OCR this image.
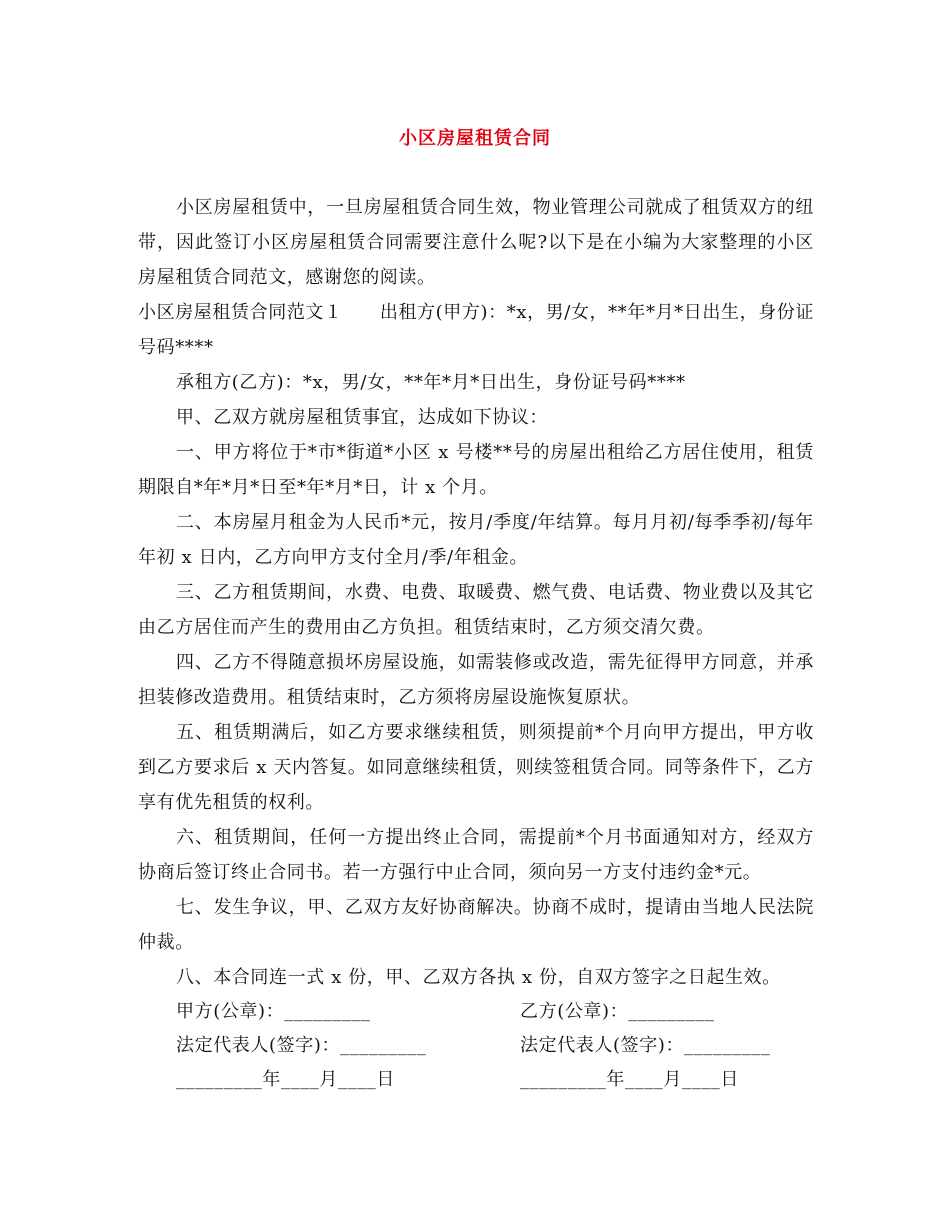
小区房屋租赁合同

小区房屋租赁中，一旦房屋租赁合同生效，物业管理公司就成了租赁双方的纽带，因此签订小区房屋租赁合同需要注意什么呢?以下是在小编为大家整理的小区房屋租赁合同范文，感谢您的阅读。

小区房屋租赁合同范文１　　出租方(甲方)：*x，男/女，**年*月*日出生，身份证号码****

承租方(乙方)：*x，男/女，**年*月*日出生，身份证号码****

甲、乙双方就房屋租赁事宜，达成如下协议：

一、甲方将位于*市*街道*小区 x 号楼**号的房屋出租给乙方居住使用，租赁期限自*年*月*日至*年*月*日，计 x 个月。

二、本房屋月租金为人民币*元，按月/季度/年结算。每月月初/每季季初/每年年初 x 日内，乙方向甲方支付全月/季/年租金。

三、乙方租赁期间，水费、电费、取暖费、燃气费、电话费、物业费以及其它由乙方居住而产生的费用由乙方负担。租赁结束时，乙方须交清欠费。

四、乙方不得随意损坏房屋设施，如需装修或改造，需先征得甲方同意，并承担装修改造费用。租赁结束时，乙方须将房屋设施恢复原状。

五、租赁期满后，如乙方要求继续租赁，则须提前*个月向甲方提出，甲方收到乙方要求后 x 天内答复。如同意继续租赁，则续签租赁合同。同等条件下，乙方享有优先租赁的权利。

六、租赁期间，任何一方提出终止合同，需提前*个月书面通知对方，经双方协商后签订终止合同书。若一方强行中止合同，须向另一方支付违约金*元。

七、发生争议，甲、乙双方友好协商解决。协商不成时，提请由当地人民法院仲裁。

八、本合同连一式 x 份，甲、乙双方各执 x 份，自双方签字之日起生效。

甲方(公章)：_________	乙方(公章)：_________
法定代表人(签字)：_________	法定代表人(签字)：_________
_________年____月____日	_________年____月____日
